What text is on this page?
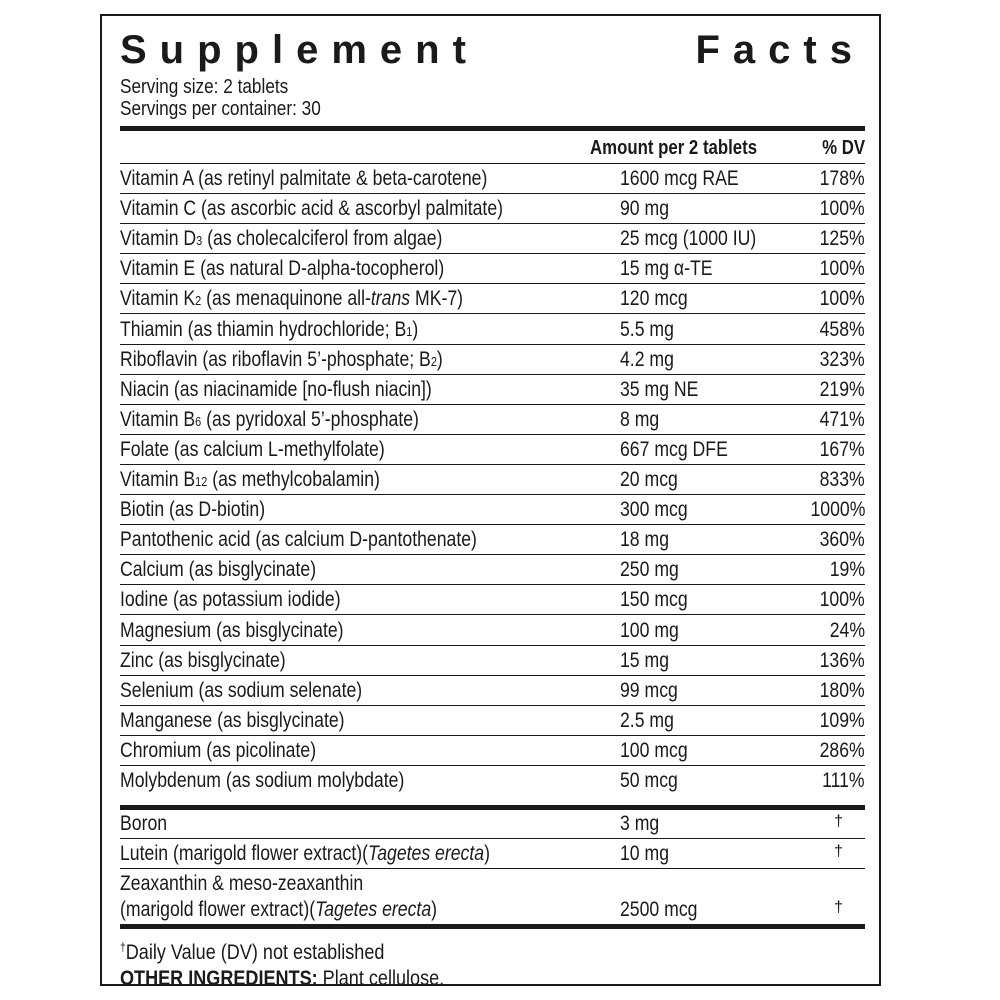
Supplement	Facts
Serving size: 2 tablets
Servings per container: 30
Amount per 2 tablets	% DV
Vitamin A (as retinyl palmitate & beta-carotene)	1600 mcg RAE	178%
Vitamin C (as ascorbic acid & ascorbyl palmitate)	90 mg	100%
Vitamin D3 (as cholecalciferol from algae)	25 mcg (1000 IU)	125%
Vitamin E (as natural D-alpha-tocopherol)	15 mg α-TE	100%
Vitamin K2 (as menaquinone all-trans MK-7)	120 mcg	100%
Thiamin (as thiamin hydrochloride; B1)	5.5 mg	458%
Riboflavin (as riboflavin 5’-phosphate; B2)	4.2 mg	323%
Niacin (as niacinamide [no-flush niacin])	35 mg NE	219%
Vitamin B6 (as pyridoxal 5’-phosphate)	8 mg	471%
Folate (as calcium L-methylfolate)	667 mcg DFE	167%
Vitamin B12 (as methylcobalamin)	20 mcg	833%
Biotin (as D-biotin)	300 mcg	1000%
Pantothenic acid (as calcium D-pantothenate)	18 mg	360%
Calcium (as bisglycinate)	250 mg	19%
Iodine (as potassium iodide)	150 mcg	100%
Magnesium (as bisglycinate)	100 mg	24%
Zinc (as bisglycinate)	15 mg	136%
Selenium (as sodium selenate)	99 mcg	180%
Manganese (as bisglycinate)	2.5 mg	109%
Chromium (as picolinate)	100 mcg	286%
Molybdenum (as sodium molybdate)	50 mcg	111%
Boron	3 mg	†
Lutein (marigold flower extract)(Tagetes erecta)	10 mg	†
Zeaxanthin & meso-zeaxanthin
(marigold flower extract)(Tagetes erecta)	2500 mcg	†
†Daily Value (DV) not established
OTHER INGREDIENTS: Plant cellulose.
